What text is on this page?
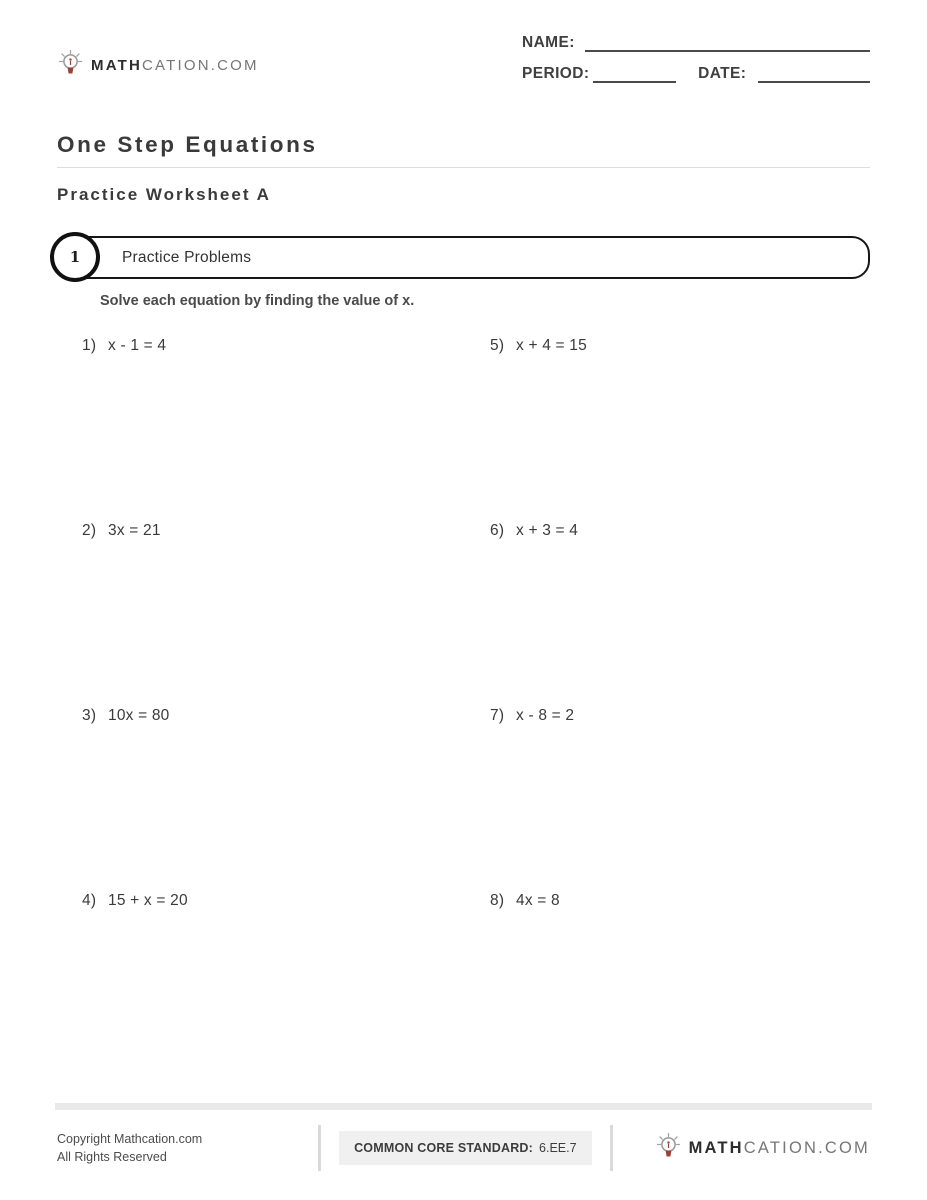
MATHCATION.COM
NAME:
PERIOD:	DATE:
One Step Equations
Practice Worksheet A
Practice Problems
1
Solve each equation by finding the value of x.
1) x - 1 = 4	5) x + 4 = 15
2) 3x = 21	6) x + 3 = 4
3) 10x = 80	7) x - 8 = 2
4) 15 + x = 20	8) 4x = 8
Copyright Mathcation.com
All Rights Reserved
COMMON CORE STANDARD: 6.EE.7	MATHCATION.COM
